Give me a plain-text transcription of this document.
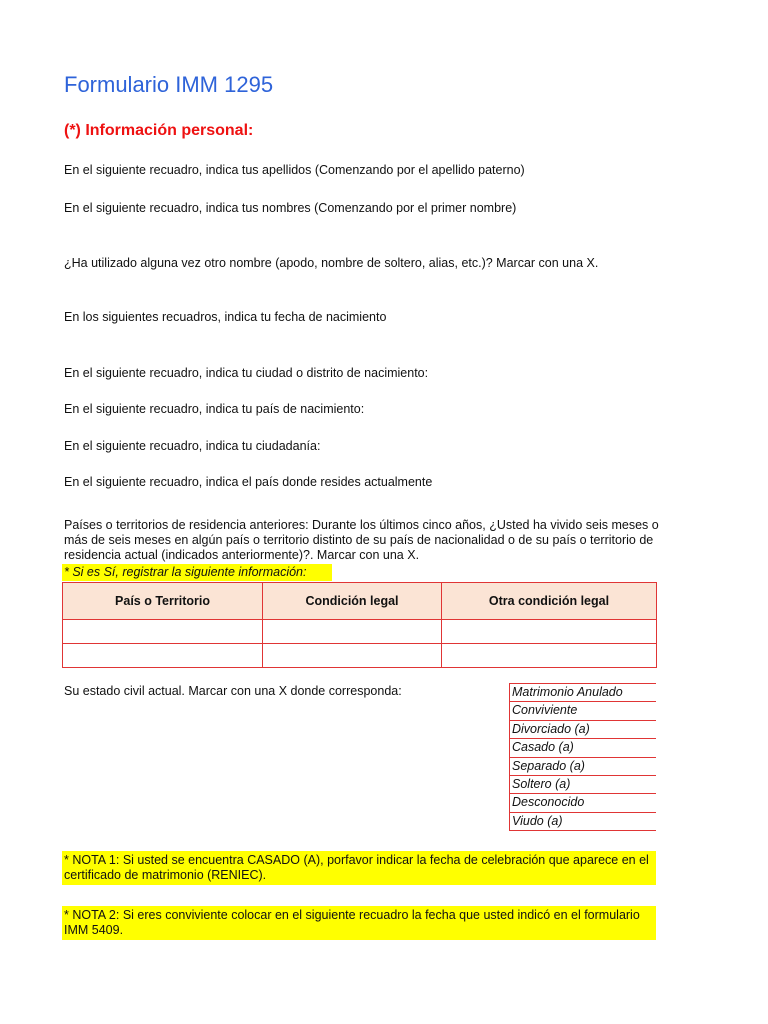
Formulario IMM 1295
(*) Información personal:
En el siguiente recuadro, indica tus apellidos (Comenzando por el apellido paterno)
En el siguiente recuadro, indica tus nombres (Comenzando por el primer nombre)
¿Ha utilizado alguna vez otro nombre (apodo, nombre de soltero, alias, etc.)? Marcar con una X.
En los siguientes recuadros, indica tu fecha de nacimiento
En el siguiente recuadro, indica tu ciudad o distrito de nacimiento:
En el siguiente recuadro, indica tu país de nacimiento:
En el siguiente recuadro, indica tu ciudadanía:
En el siguiente recuadro, indica el país donde resides actualmente
Países o territorios de residencia anteriores: Durante los últimos cinco años, ¿Usted ha vivido seis meses o más de seis meses en algún país o territorio distinto de su país de nacionalidad o de su país o territorio de residencia actual (indicados anteriormente)?. Marcar con una X.
* Si es Sí, registrar la siguiente información:
País o Territorio	Condición legal	Otra condición legal

Su estado civil actual. Marcar con una X donde corresponda:	Matrimonio Anulado
Conviviente
Divorciado (a)
Casado (a)
Separado (a)
Soltero (a)
Desconocido
Viudo (a)
* NOTA 1: Si usted se encuentra CASADO (A), porfavor indicar la fecha de celebración que aparece en el certificado de matrimonio (RENIEC).
* NOTA 2: Si eres conviviente colocar en el siguiente recuadro la fecha que usted indicó en el formulario IMM 5409.
